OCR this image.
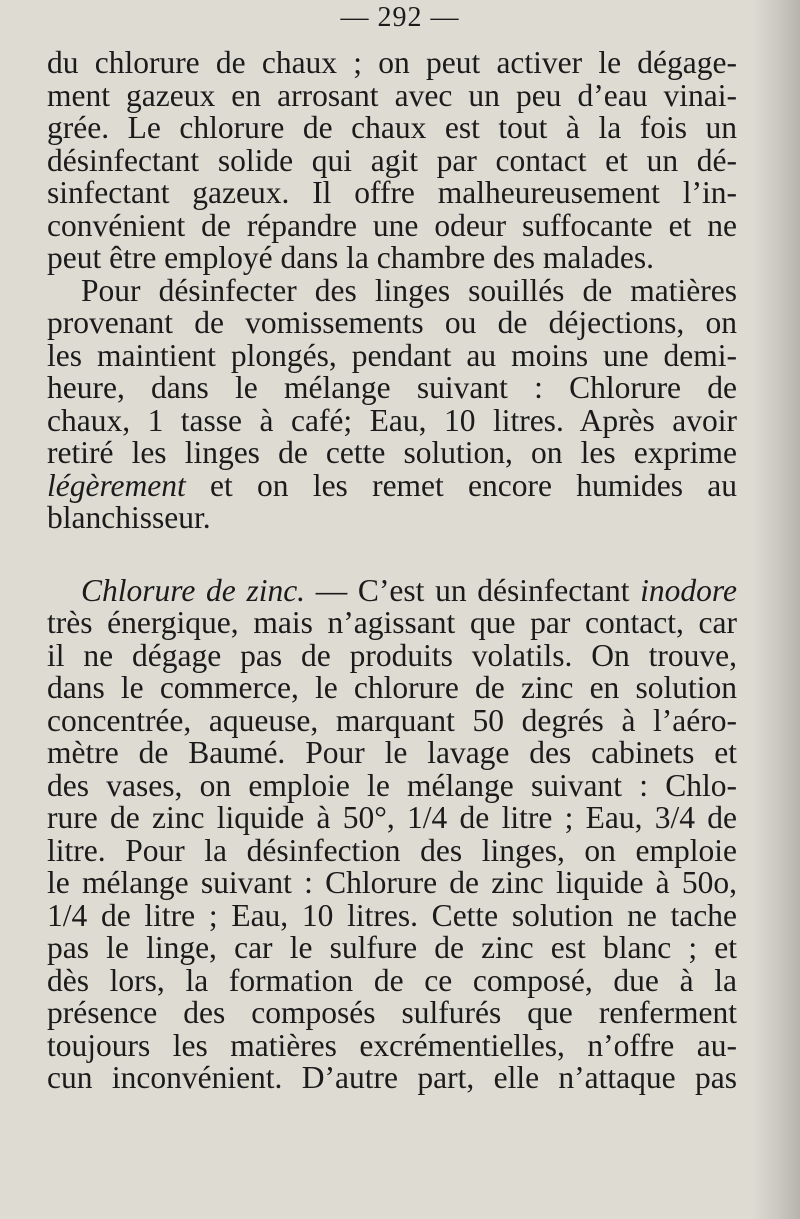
— 292 —
du chlorure de chaux ; on peut activer le dégage-
ment gazeux en arrosant avec un peu d’eau vinai-
grée. Le chlorure de chaux est tout à la fois un
désinfectant solide qui agit par contact et un dé-
sinfectant gazeux. Il offre malheureusement l’in-
convénient de répandre une odeur suffocante et ne
peut être employé dans la chambre des malades.
Pour désinfecter des linges souillés de matières
provenant de vomissements ou de déjections, on
les maintient plongés, pendant au moins une demi-
heure, dans le mélange suivant : Chlorure de
chaux, 1 tasse à café; Eau, 10 litres. Après avoir
retiré les linges de cette solution, on les exprime
légèrement et on les remet encore humides au
blanchisseur.
Chlorure de zinc. — C’est un désinfectant inodore
très énergique, mais n’agissant que par contact, car
il ne dégage pas de produits volatils. On trouve,
dans le commerce, le chlorure de zinc en solution
concentrée, aqueuse, marquant 50 degrés à l’aéro-
mètre de Baumé. Pour le lavage des cabinets et
des vases, on emploie le mélange suivant : Chlo-
rure de zinc liquide à 50°, 1/4 de litre ; Eau, 3/4 de
litre. Pour la désinfection des linges, on emploie
le mélange suivant : Chlorure de zinc liquide à 50o,
1/4 de litre ; Eau, 10 litres. Cette solution ne tache
pas le linge, car le sulfure de zinc est blanc ; et
dès lors, la formation de ce composé, due à la
présence des composés sulfurés que renferment
toujours les matières excrémentielles, n’offre au-
cun inconvénient. D’autre part, elle n’attaque pas
